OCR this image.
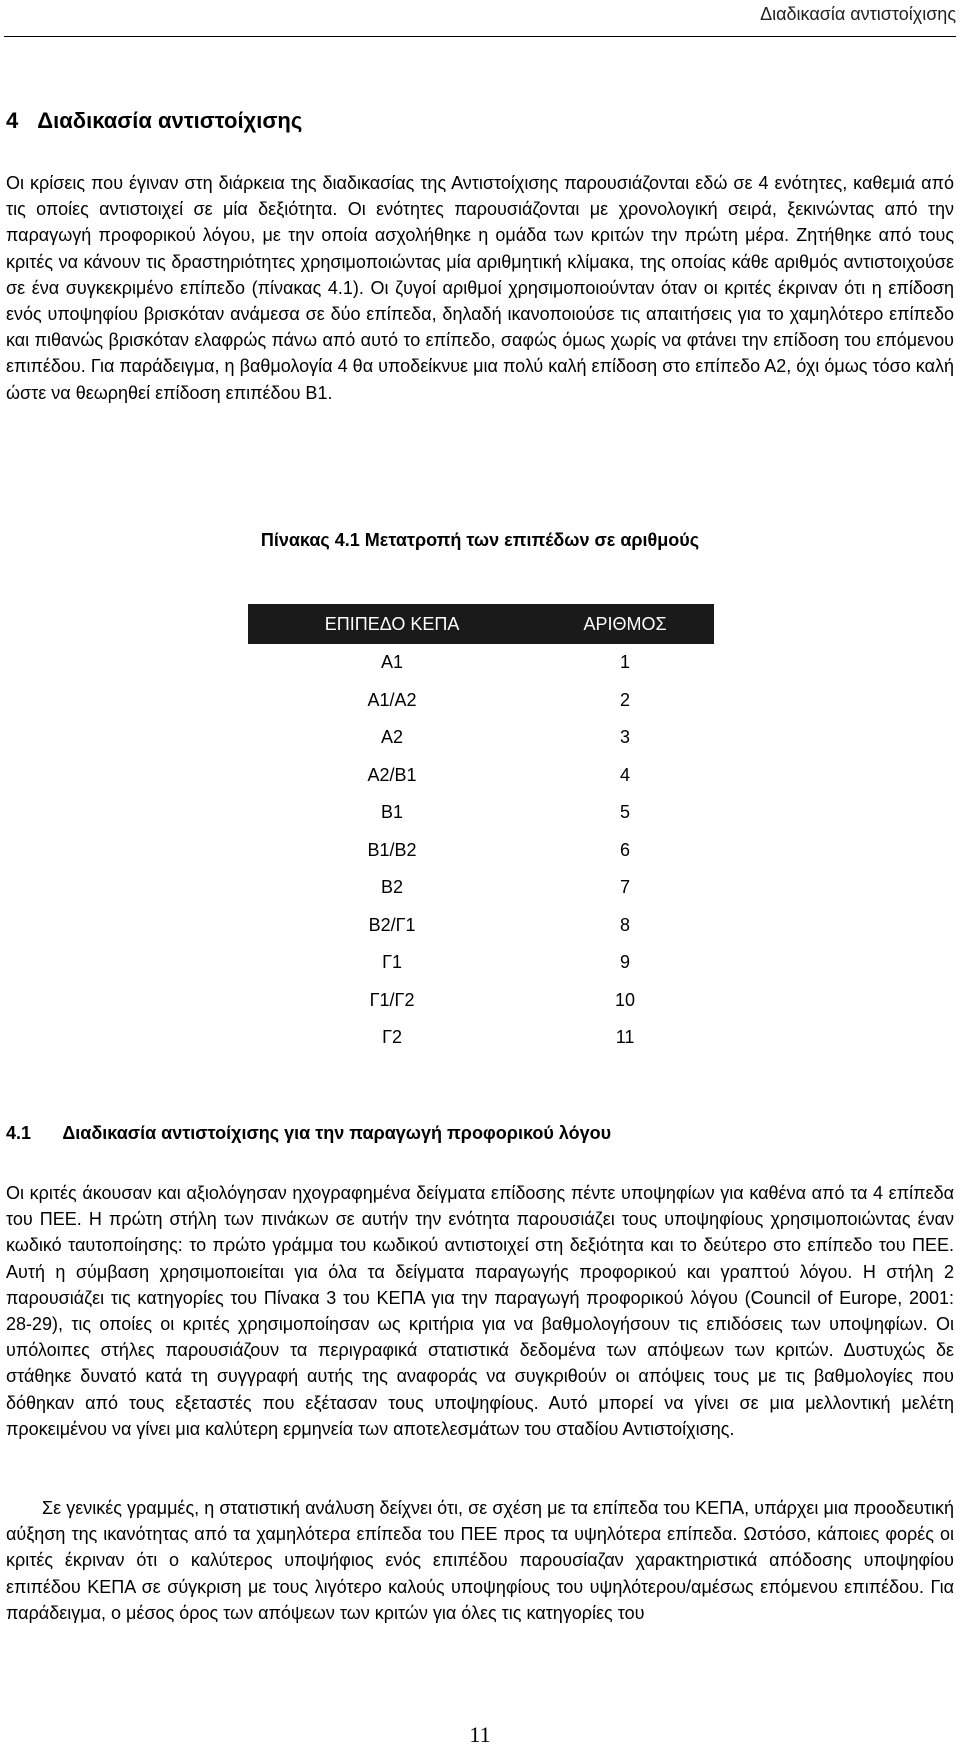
Διαδικασία αντιστοίχισης
4 Διαδικασία αντιστοίχισης

Οι κρίσεις που έγιναν στη διάρκεια της διαδικασίας της Αντιστοίχισης παρουσιάζονται εδώ σε 4 ενότητες, καθεμιά από τις οποίες αντιστοιχεί σε μία δεξιότητα. Οι ενότητες παρουσιάζονται με χρονολογική σειρά, ξεκινώντας από την παραγωγή προφορικού λόγου, με την οποία ασχολήθηκε η ομάδα των κριτών την πρώτη μέρα. Ζητήθηκε από τους κριτές να κάνουν τις δραστηριότητες χρησιμοποιώντας μία αριθμητική κλίμακα, της οποίας κάθε αριθμός αντιστοιχούσε σε ένα συγκεκριμένο επίπεδο (πίνακας 4.1). Οι ζυγοί αριθμοί χρησιμοποιούνταν όταν οι κριτές έκριναν ότι η επίδοση ενός υποψηφίου βρισκόταν ανάμεσα σε δύο επίπεδα, δηλαδή ικανοποιούσε τις απαιτήσεις για το χαμηλότερο επίπεδο και πιθανώς βρισκόταν ελαφρώς πάνω από αυτό το επίπεδο, σαφώς όμως χωρίς να φτάνει την επίδοση του επόμενου επιπέδου. Για παράδειγμα, η βαθμολογία 4 θα υποδείκνυε μια πολύ καλή επίδοση στο επίπεδο Α2, όχι όμως τόσο καλή ώστε να θεωρηθεί επίδοση επιπέδου Β1.

Πίνακας 4.1 Μετατροπή των επιπέδων σε αριθμούς
ΕΠΙΠΕΔΟ ΚΕΠΑ	ΑΡΙΘΜΟΣ
Α1	1
Α1/Α2	2
Α2	3
Α2/Β1	4
Β1	5
Β1/Β2	6
Β2	7
Β2/Γ1	8
Γ1	9
Γ1/Γ2	10
Γ2	11
4.1 Διαδικασία αντιστοίχισης για την παραγωγή προφορικού λόγου

Οι κριτές άκουσαν και αξιολόγησαν ηχογραφημένα δείγματα επίδοσης πέντε υποψηφίων για καθένα από τα 4 επίπεδα του ΠΕΕ. Η πρώτη στήλη των πινάκων σε αυτήν την ενότητα παρουσιάζει τους υποψηφίους χρησιμοποιώντας έναν κωδικό ταυτοποίησης: το πρώτο γράμμα του κωδικού αντιστοιχεί στη δεξιότητα και το δεύτερο στο επίπεδο του ΠΕΕ. Αυτή η σύμβαση χρησιμοποιείται για όλα τα δείγματα παραγωγής προφορικού και γραπτού λόγου. Η στήλη 2 παρουσιάζει τις κατηγορίες του Πίνακα 3 του ΚΕΠΑ για την παραγωγή προφορικού λόγου (Council of Europe, 2001: 28-29), τις οποίες οι κριτές χρησιμοποίησαν ως κριτήρια για να βαθμολογήσουν τις επιδόσεις των υποψηφίων. Οι υπόλοιπες στήλες παρουσιάζουν τα περιγραφικά στατιστικά δεδομένα των απόψεων των κριτών. Δυστυχώς δε στάθηκε δυνατό κατά τη συγγραφή αυτής της αναφοράς να συγκριθούν οι απόψεις τους με τις βαθμολογίες που δόθηκαν από τους εξεταστές που εξέτασαν τους υποψηφίους. Αυτό μπορεί να γίνει σε μια μελλοντική μελέτη προκειμένου να γίνει μια καλύτερη ερμηνεία των αποτελεσμάτων του σταδίου Αντιστοίχισης.

Σε γενικές γραμμές, η στατιστική ανάλυση δείχνει ότι, σε σχέση με τα επίπεδα του ΚΕΠΑ, υπάρχει μια προοδευτική αύξηση της ικανότητας από τα χαμηλότερα επίπεδα του ΠΕΕ προς τα υψηλότερα επίπεδα. Ωστόσο, κάποιες φορές οι κριτές έκριναν ότι ο καλύτερος υποψήφιος ενός επιπέδου παρουσίαζαν χαρακτηριστικά απόδοσης υποψηφίου επιπέδου ΚΕΠΑ σε σύγκριση με τους λιγότερο καλούς υποψηφίους του υψηλότερου/αμέσως επόμενου επιπέδου. Για παράδειγμα, ο μέσος όρος των απόψεων των κριτών για όλες τις κατηγορίες του

11
